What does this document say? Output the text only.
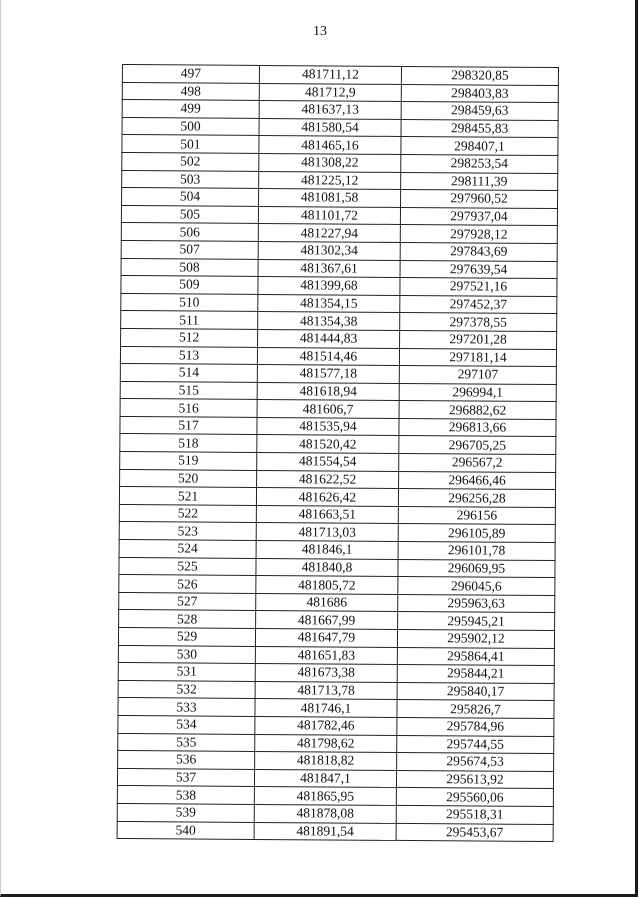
13
497	481711,12	298320,85
498	481712,9	298403,83
499	481637,13	298459,63
500	481580,54	298455,83
501	481465,16	298407,1
502	481308,22	298253,54
503	481225,12	298111,39
504	481081,58	297960,52
505	481101,72	297937,04
506	481227,94	297928,12
507	481302,34	297843,69
508	481367,61	297639,54
509	481399,68	297521,16
510	481354,15	297452,37
511	481354,38	297378,55
512	481444,83	297201,28
513	481514,46	297181,14
514	481577,18	297107
515	481618,94	296994,1
516	481606,7	296882,62
517	481535,94	296813,66
518	481520,42	296705,25
519	481554,54	296567,2
520	481622,52	296466,46
521	481626,42	296256,28
522	481663,51	296156
523	481713,03	296105,89
524	481846,1	296101,78
525	481840,8	296069,95
526	481805,72	296045,6
527	481686	295963,63
528	481667,99	295945,21
529	481647,79	295902,12
530	481651,83	295864,41
531	481673,38	295844,21
532	481713,78	295840,17
533	481746,1	295826,7
534	481782,46	295784,96
535	481798,62	295744,55
536	481818,82	295674,53
537	481847,1	295613,92
538	481865,95	295560,06
539	481878,08	295518,31
540	481891,54	295453,67
